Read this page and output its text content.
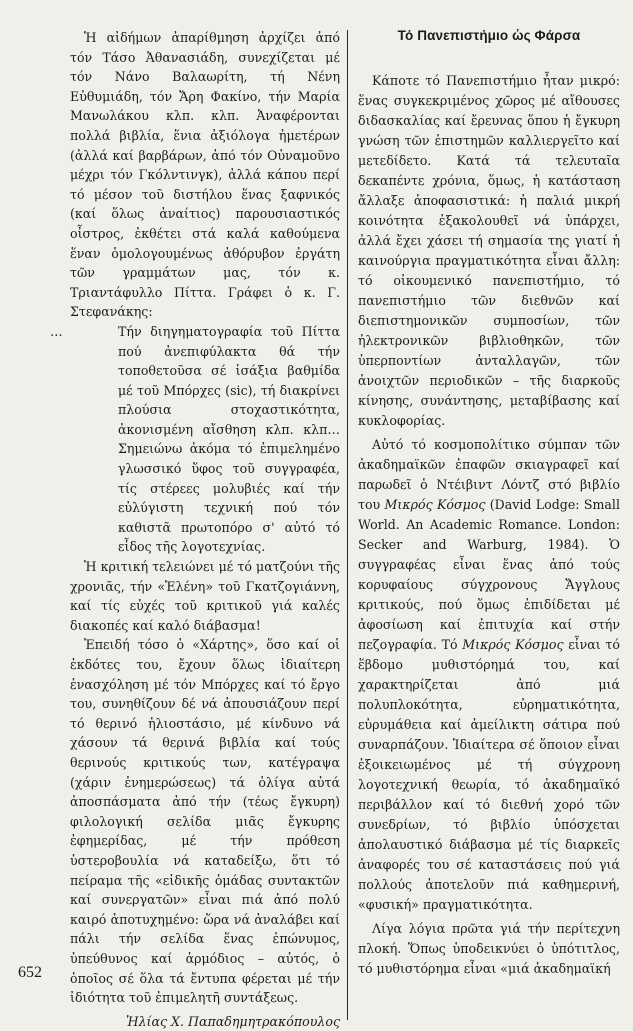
Ἡ αἰδήμων ἀπαρίθμηση ἀρχίζει ἀπό τόν Τάσο Ἀθανασιάδη, συνεχίζεται μέ τόν Νάνο Βαλαωρίτη, τή Νένη Εὐθυμιάδη, τόν Ἄρη Φακίνο, τήν Μαρία Μανωλάκου κλπ. κλπ. Ἀναφέρονται πολλά βιβλία, ἕνια ἀξιόλογα ἡμετέρων (ἀλλά καί βαρβάρων, ἀπό τόν Οὐναμοῦνο μέχρι τόν Γκόλντινγκ), ἀλλά κάπου περί τό μέσον τοῦ διστήλου ἕνας ξαφνικός (καί ὅλως ἀναίτιος) παρουσιαστικός οἶστρος, ἐκθέτει στά καλά καθούμενα ἕναν ὁμολογουμένως ἀθόρυβον ἐργάτη τῶν γραμμάτων μας, τόν κ. Τριαντάφυλλο Πίττα. Γράφει ὁ κ. Γ. Στεφανάκης:

…	Τήν διηγηματογραφία τοῦ Πίττα πού ἀνεπιφύλακτα θά τήν τοποθετοῦσα σέ ἰσάξια βαθμίδα μέ τοῦ Μπόρχες (sic), τή διακρίνει πλούσια στοχαστικότητα, ἀκονισμένη αἴσθηση κλπ. κλπ… Σημειώνω ἀκόμα τό ἐπιμελημένο γλωσσικό ὕφος τοῦ συγγραφέα, τίς στέρεες μολυβιές καί τήν εὐλύγιστη τεχνική πού τόν καθιστᾶ πρωτοπόρο σ' αὐτό τό εἶδος τῆς λογοτεχνίας.

Ἡ κριτική τελειώνει μέ τό ματζούνι τῆς χρονιᾶς, τήν «Ἑλένη» τοῦ Γκατζογιάννη, καί τίς εὐχές τοῦ κριτικοῦ γιά καλές διακοπές καί καλό διάβασμα!

Ἐπειδή τόσο ὁ «Χάρτης», ὅσο καί οἱ ἐκδότες του, ἔχουν ὅλως ἰδιαίτερη ἐνασχόληση μέ τόν Μπόρχες καί τό ἔργο του, συνηθίζουν δέ νά ἀπουσιάζουν περί τό θερινό ἡλιοστάσιο, μέ κίνδυνο νά χάσουν τά θερινά βιβλία καί τούς θερινούς κριτικούς των, κατέγραψα (χάριν ἐνημερώσεως) τά ὀλίγα αὐτά ἀποσπάσματα ἀπό τήν (τέως ἔγκυρη) φιλολογική σελίδα μιᾶς ἔγκυρης ἐφημερίδας, μέ τήν πρόθεση ὑστεροβουλία νά καταδείξω, ὅτι τό πείραμα τῆς «εἰδικῆς ὁμάδας συντακτῶν καί συνεργατῶν» εἶναι πιά ἀπό πολύ καιρό ἀποτυχημένο: ὥρα νά ἀναλάβει καί πάλι τήν σελίδα ἕνας ἐπώνυμος, ὑπεύθυνος καί ἁρμόδιος – αὐτός, ὁ ὁποῖος σέ ὅλα τά ἔντυπα φέρεται μέ τήν ἰδιότητα τοῦ ἐπιμελητῆ συντάξεως.

Ἠλίας Χ. Παπαδημητρακόπουλος

Τό Πανεπιστήμιο ὡς Φάρσα

Κάποτε τό Πανεπιστήμιο ἦταν μικρό: ἕνας συγκεκριμένος χῶρος μέ αἴθουσες διδασκαλίας καί ἔρευνας ὅπου ἡ ἔγκυρη γνώση τῶν ἐπιστημῶν καλλιεργεῖτο καί μετεδίδετο. Κατά τά τελευταῖα δεκαπέντε χρόνια, ὅμως, ἡ κατάσταση ἄλλαξε ἀποφασιστικά: ἡ παλιά μικρή κοινότητα ἐξακολουθεῖ νά ὑπάρχει, ἀλλά ἔχει χάσει τή σημασία της γιατί ἡ καινούργια πραγματικότητα εἶναι ἄλλη: τό οἰκουμενικό πανεπιστήμιο, τό πανεπιστήμιο τῶν διεθνῶν καί διεπιστημονικῶν συμποσίων, τῶν ἠλεκτρονικῶν βιβλιοθηκῶν, τῶν ὑπερποντίων ἀνταλλαγῶν, τῶν ἀνοιχτῶν περιοδικῶν – τῆς διαρκοῦς κίνησης, συνάντησης, μεταβίβασης καί κυκλοφορίας.

Αὐτό τό κοσμοπολίτικο σύμπαν τῶν ἀκαδημαϊκῶν ἐπαφῶν σκιαγραφεῖ καί παρωδεῖ ὁ Ντέιβιντ Λόντζ στό βιβλίο του Μικρός Κόσμος (David Lodge: Small World. An Academic Romance. London: Secker and Warburg, 1984). Ὁ συγγραφέας εἶναι ἕνας ἀπό τούς κορυφαίους σύγχρονους Ἄγγλους κριτικούς, πού ὅμως ἐπιδίδεται μέ ἀφοσίωση καί ἐπιτυχία καί στήν πεζογραφία. Τό Μικρός Κόσμος εἶναι τό ἕβδομο μυθιστόρημά του, καί χαρακτηρίζεται ἀπό μιά πολυπλοκότητα, εὐρηματικότητα, εὐρυμάθεια καί ἀμείλικτη σάτιρα πού συναρπάζουν. Ἰδιαίτερα σέ ὅποιον εἶναι ἐξοικειωμένος μέ τή σύγχρονη λογοτεχνική θεωρία, τό ἀκαδημαϊκό περιβάλλον καί τό διεθνή χορό τῶν συνεδρίων, τό βιβλίο ὑπόσχεται ἀπολαυστικό διάβασμα μέ τίς διαρκεῖς ἀναφορές του σέ καταστάσεις πού γιά πολλούς ἀποτελοῦν πιά καθημερινή, «φυσική» πραγματικότητα.

Λίγα λόγια πρῶτα γιά τήν περίτεχνη πλοκή. Ὅπως ὑποδεικνύει ὁ ὑπότιτλος, τό μυθιστόρημα εἶναι «μιά ἀκαδημαϊκή

652
